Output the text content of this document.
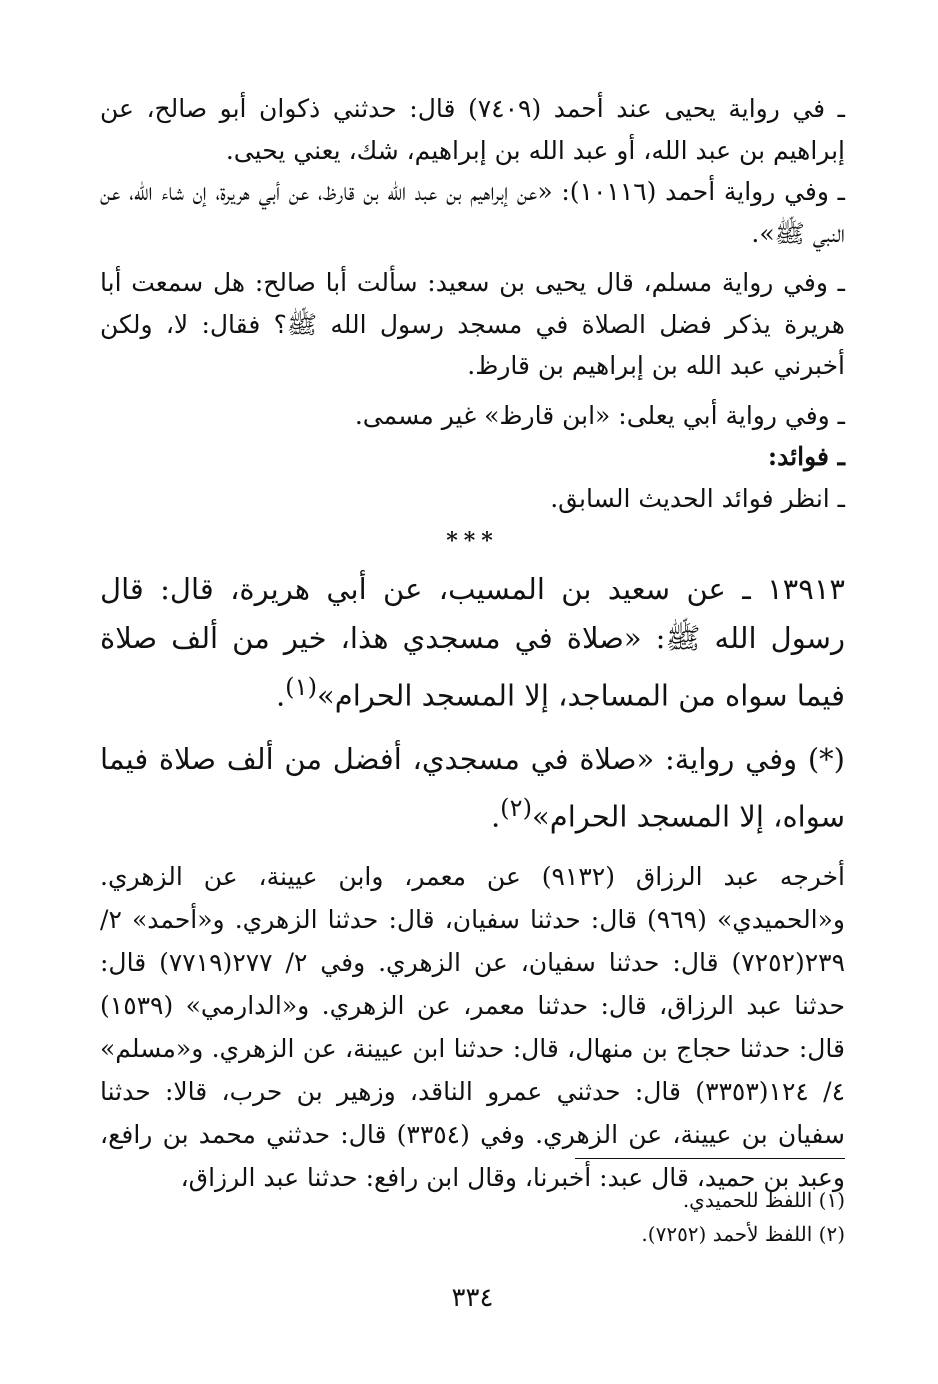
ـ في رواية يحيى عند أحمد (٧٤٠٩) قال: حدثني ذكوان أبو صالح، عن إبراهيم بن عبد الله، أو عبد الله بن إبراهيم، شك، يعني يحيى.

ـ وفي رواية أحمد (١٠١١٦): «عن إبراهيم بن عبد الله بن قارظ، عن أبي هريرة، إن شاء الله، عن النبي ﷺ».

ـ وفي رواية مسلم، قال يحيى بن سعيد: سألت أبا صالح: هل سمعت أبا هريرة يذكر فضل الصلاة في مسجد رسول الله ﷺ؟ فقال: لا، ولكن أخبرني عبد الله بن إبراهيم بن قارظ.

ـ وفي رواية أبي يعلى: «ابن قارظ» غير مسمى.

ـ فوائد:

ـ انظر فوائد الحديث السابق.

***

١٣٩١٣ ـ عن سعيد بن المسيب، عن أبي هريرة، قال: قال رسول الله ﷺ: «صلاة في مسجدي هذا، خير من ألف صلاة فيما سواه من المساجد، إلا المسجد الحرام»$^{(١)}$.

(*) وفي رواية: «صلاة في مسجدي، أفضل من ألف صلاة فيما سواه، إلا المسجد الحرام»$^{(٢)}$.

أخرجه عبد الرزاق (٩١٣٢) عن معمر، وابن عيينة، عن الزهري. و«الحميدي» (٩٦٩) قال: حدثنا سفيان، قال: حدثنا الزهري. و«أحمد» ٢/ ٢٣٩(٧٢٥٢) قال: حدثنا سفيان، عن الزهري. وفي ٢/ ٢٧٧(٧٧١٩) قال: حدثنا عبد الرزاق، قال: حدثنا معمر، عن الزهري. و«الدارمي» (١٥٣٩) قال: حدثنا حجاج بن منهال، قال: حدثنا ابن عيينة، عن الزهري. و«مسلم» ٤/ ١٢٤(٣٣٥٣) قال: حدثني عمرو الناقد، وزهير بن حرب، قالا: حدثنا سفيان بن عيينة، عن الزهري. وفي (٣٣٥٤) قال: حدثني محمد بن رافع، وعبد بن حميد، قال عبد: أخبرنا، وقال ابن رافع: حدثنا عبد الرزاق،

(١) اللفظ للحميدي.

(٢) اللفظ لأحمد (٧٢٥٢).

٣٣٤
